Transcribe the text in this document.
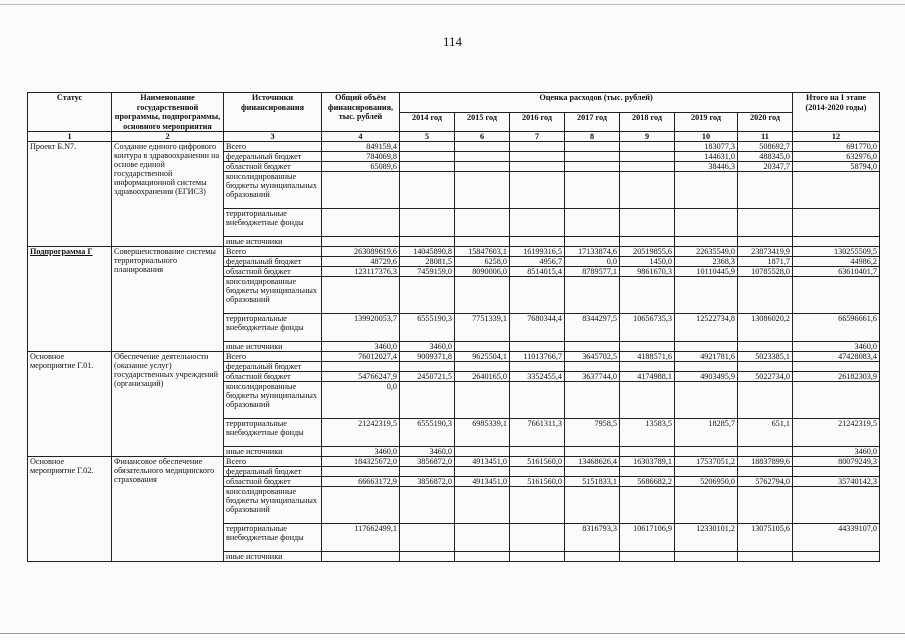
114
Статус	Наименование государственной программы, подпрограммы, основного мероприятия	Источники финансирования	Общий объём финансирования, тыс. рублей	Оценка расходов (тыс. рублей)							Итого на I этапе (2014-2020 годы)
				2014 год	2015 год	2016 год	2017 год	2018 год	2019 год	2020 год	
1	2	3	4	5	6	7	8	9	10	11	12
Проект Б.N7.	Создание единого цифрового контура в здравоохранении на основе единой государственной информационной системы здравоохранения (ЕГИСЗ)	Всего	849159,4						183077,3	508692,7	691770,0
		федеральный бюджет	784069,8						144631,0	488345,0	632976,0
		областной бюджет	65089,6						38446,3	20347,7	58794,0
		консолидированные бюджеты муниципальных образований									
		территориальные внебюджетные фонды									
		иные источники									
Подпрограмма Г	Совершенствование системы территориального планирования	Всего	263089619,6	14045890,8	15847603,1	16199316,5	17133874,6	20519855,6	22635549,0	23873419,9	130255509,5
		федеральный бюджет	48729,6	28081,5	6258,0	4956,7	0,0	1450,0	2368,3	1871,7	44986,2
		областной бюджет	123117376,3	7459159,0	8090006,0	8514015,4	8789577,1	9861670,3	10110445,9	10785528,0	63610401,7
		консолидированные бюджеты муниципальных образований									
		территориальные внебюджетные фонды	139920053,7	6555190,3	7751339,1	7680344,4	8344297,5	10656735,3	12522734,8	13086020,2	66596661,6
		иные источники	3460,0	3460,0							3460,0
Основное мероприятие Г.01.	Обеспечение деятельности (оказание услуг) государственных учреждений (организаций)	Всего	76012027,4	9009371,8	9625504,1	11013766,7	3645702,5	4188571,6	4921781,6	5023385,1	47428083,4
		федеральный бюджет									
		областной бюджет	54766247,9	2450721,5	2640165,0	3352455,4	3637744,0	4174988,1	4903495,9	5022734,0	26182303,9
		консолидированные бюджеты муниципальных образований	0,0								
		территориальные внебюджетные фонды	21242319,5	6555190,3	6985339,1	7661311,3	7958,5	13583,5	18285,7	651,1	21242319,5
		иные источники	3460,0	3460,0							3460,0
Основное мероприятие Г.02.	Финансовое обеспечение обязательного медицинского страхования	Всего	184325672,0	3856872,0	4913451,0	5161560,0	13468626,4	16303789,1	17537051,2	18837899,6	80079249,3
		федеральный бюджет									
		областной бюджет	66663172,9	3856872,0	4913451,0	5161560,0	5151833,1	5686682,2	5206950,0	5762794,0	35740142,3
		консолидированные бюджеты муниципальных образований									
		территориальные внебюджетные фонды	117662499,1				8316793,3	10617106,9	12330101,2	13075105,6	44339107,0
		иные источники									
